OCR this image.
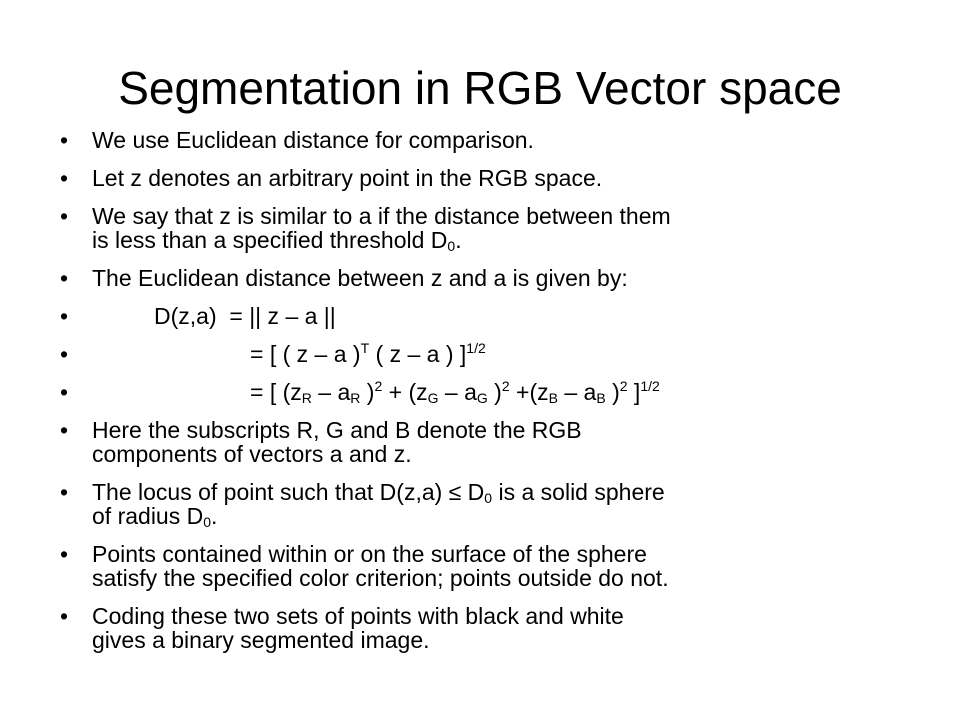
Segmentation in RGB Vector space
•	We use Euclidean distance for comparison.
•	Let z denotes an arbitrary point in the RGB space.
•	We say that z is similar to a if the distance between them
is less than a specified threshold $D_0$.
•	The Euclidean distance between z and a is given by:
•	D(z,a)  = || z – a ||
•	= [ ( z – a )$^T$ ( z – a ) ]$^{1/2}$
•	= [ ($z_R - a_R$ )$^2 + (z_G - a_G$ )$^2 +(z_B - a_B$ )$^2$ ]$^{1/2}$
•	Here the subscripts R, G and B denote the RGB
components of vectors a and z.
•	The locus of point such that $D(z,a) \le D_0$ is a solid sphere
of radius $D_0$.
•	Points contained within or on the surface of the sphere
satisfy the specified color criterion; points outside do not.
•	Coding these two sets of points with black and white
gives a binary segmented image.
